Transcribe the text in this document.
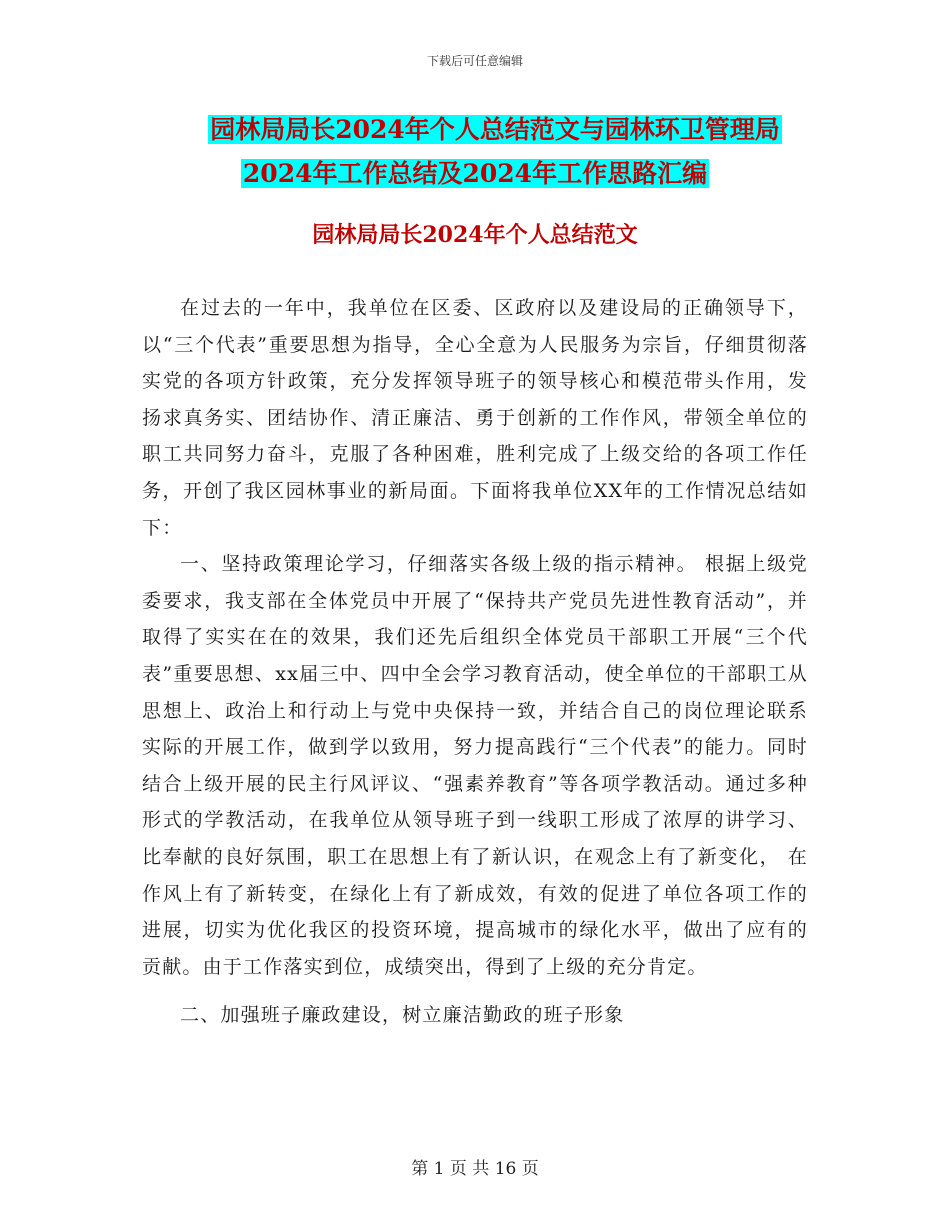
下载后可任意编辑
园林局局长2024年个人总结范文与园林环卫管理局
2024年工作总结及2024年工作思路汇编
园林局局长2024年个人总结范文

在过去的一年中，我单位在区委、区政府以及建设局的正确领导下，以“三个代表”重要思想为指导，全心全意为人民服务为宗旨，仔细贯彻落实党的各项方针政策，充分发挥领导班子的领导核心和模范带头作用，发扬求真务实、团结协作、清正廉洁、勇于创新的工作作风，带领全单位的职工共同努力奋斗，克服了各种困难，胜利完成了上级交给的各项工作任务，开创了我区园林事业的新局面。下面将我单位XX年的工作情况总结如下：

一、坚持政策理论学习，仔细落实各级上级的指示精神。 根据上级党委要求，我支部在全体党员中开展了“保持共产党员先进性教育活动”，并取得了实实在在的效果，我们还先后组织全体党员干部职工开展“三个代表”重要思想、xx届三中、四中全会学习教育活动，使全单位的干部职工从思想上、政治上和行动上与党中央保持一致，并结合自己的岗位理论联系实际的开展工作，做到学以致用，努力提高践行“三个代表”的能力。同时结合上级开展的民主行风评议、“强素养教育”等各项学教活动。通过多种形式的学教活动，在我单位从领导班子到一线职工形成了浓厚的讲学习、比奉献的良好氛围，职工在思想上有了新认识，在观念上有了新变化， 在作风上有了新转变，在绿化上有了新成效，有效的促进了单位各项工作的进展，切实为优化我区的投资环境，提高城市的绿化水平，做出了应有的贡献。由于工作落实到位，成绩突出，得到了上级的充分肯定。

二、加强班子廉政建设，树立廉洁勤政的班子形象

第 1 页 共 16 页
